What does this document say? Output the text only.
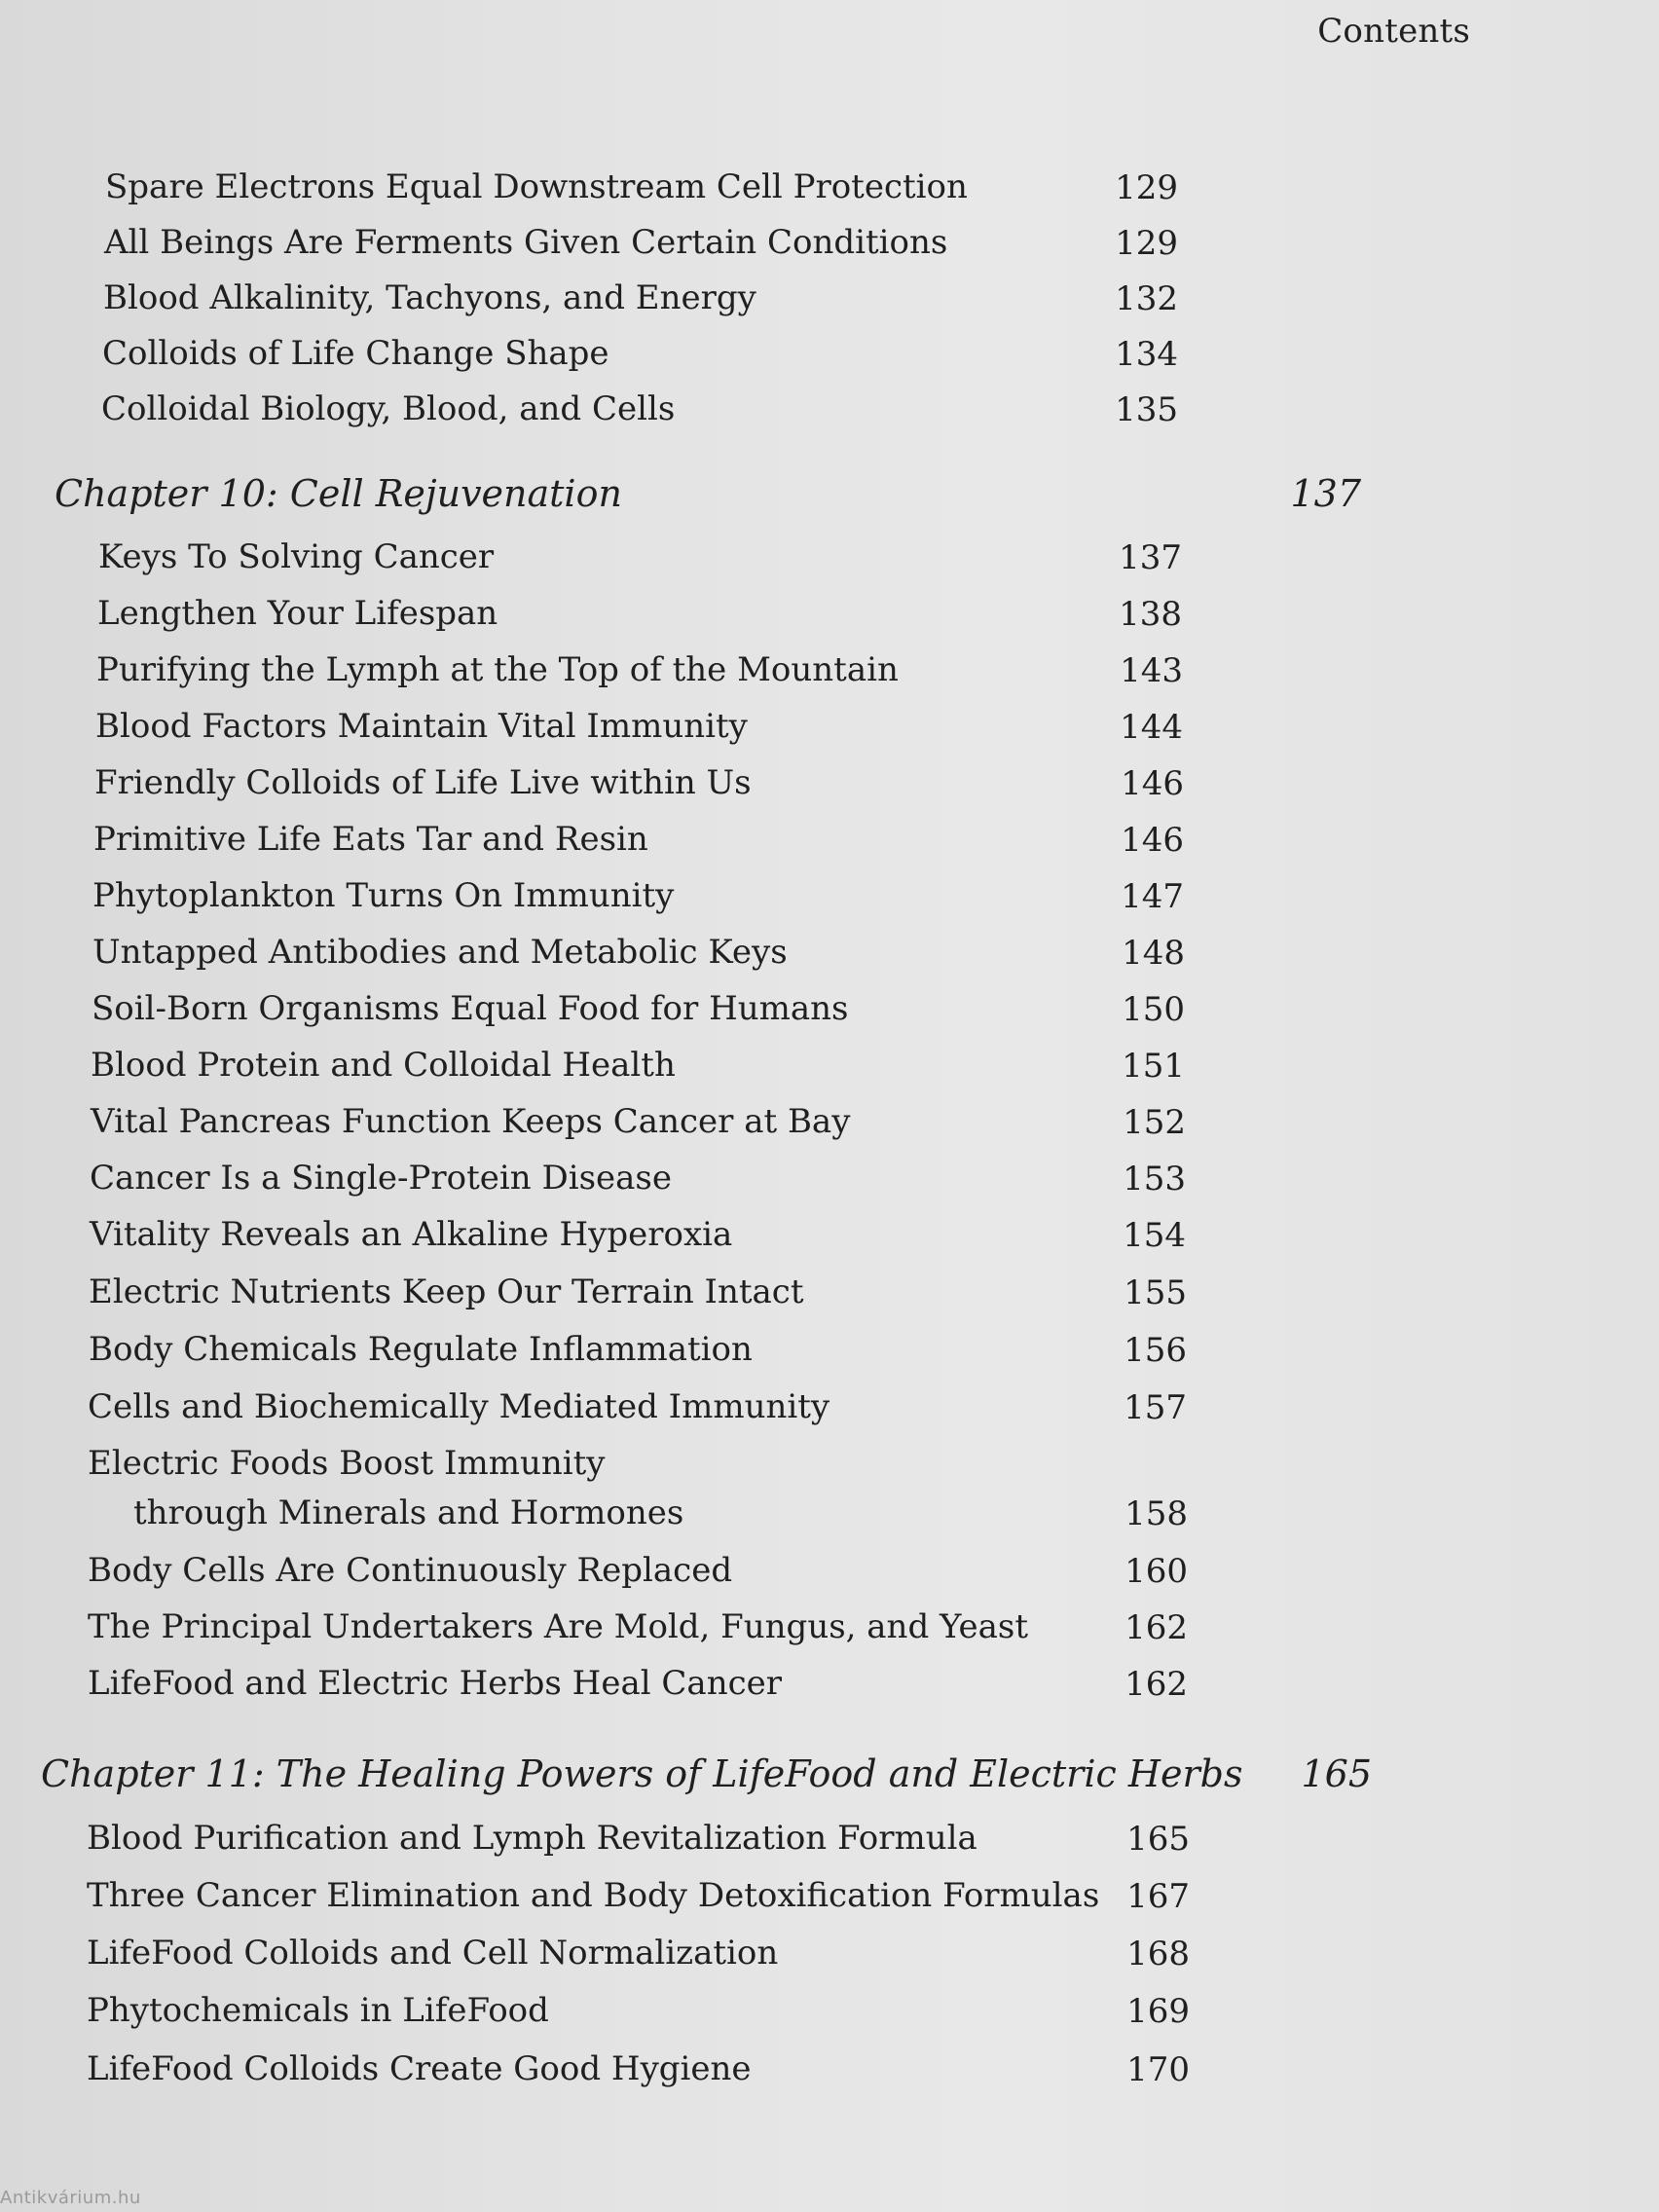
Contents
Spare Electrons Equal Downstream Cell Protection	129
All Beings Are Ferments Given Certain Conditions	129
Blood Alkalinity, Tachyons, and Energy	132
Colloids of Life Change Shape	134
Colloidal Biology, Blood, and Cells	135
Chapter 10: Cell Rejuvenation	137
Keys To Solving Cancer	137
Lengthen Your Lifespan	138
Purifying the Lymph at the Top of the Mountain	143
Blood Factors Maintain Vital Immunity	144
Friendly Colloids of Life Live within Us	146
Primitive Life Eats Tar and Resin	146
Phytoplankton Turns On Immunity	147
Untapped Antibodies and Metabolic Keys	148
Soil-Born Organisms Equal Food for Humans	150
Blood Protein and Colloidal Health	151
Vital Pancreas Function Keeps Cancer at Bay	152
Cancer Is a Single-Protein Disease	153
Vitality Reveals an Alkaline Hyperoxia	154
Electric Nutrients Keep Our Terrain Intact	155
Body Chemicals Regulate Inflammation	156
Cells and Biochemically Mediated Immunity	157
Electric Foods Boost Immunity
through Minerals and Hormones	158
Body Cells Are Continuously Replaced	160
The Principal Undertakers Are Mold, Fungus, and Yeast	162
LifeFood and Electric Herbs Heal Cancer	162
Chapter 11: The Healing Powers of LifeFood and Electric Herbs 165
Blood Purification and Lymph Revitalization Formula	165
Three Cancer Elimination and Body Detoxification Formulas 167
LifeFood Colloids and Cell Normalization	168
Phytochemicals in LifeFood	169
LifeFood Colloids Create Good Hygiene	170
Antikvárium.hu
